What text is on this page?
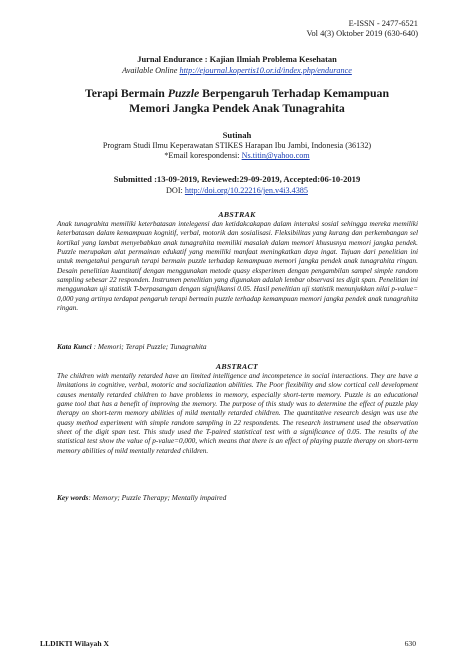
E-ISSN - 2477-6521
Vol 4(3) Oktober 2019 (630-640)
Jurnal Endurance : Kajian Ilmiah Problema Kesehatan
Available Online http://ejournal.kopertis10.or.id/index.php/endurance
Terapi Bermain Puzzle Berpengaruh Terhadap Kemampuan
Memori Jangka Pendek Anak Tunagrahita
Sutinah
Program Studi Ilmu Keperawatan STIKES Harapan Ibu Jambi, Indonesia (36132)
*Email korespondensi: Ns.titin@yahoo.com
Submitted :13-09-2019, Reviewed:29-09-2019, Accepted:06-10-2019
DOI: http://doi.org/10.22216/jen.v4i3.4385
ABSTRAK

Anak tunagrahita memiliki keterbatasan intelegensi dan ketidakcakapan dalam interaksi sosial sehingga mereka memiliki keterbatasan dalam kemampuan kognitif, verbal, motorik dan sosialisasi. Fleksibilitas yang kurang dan perkembangan sel kortikal yang lambat menyebabkan anak tunagrahita memiliki masalah dalam memori khususnya memori jangka pendek. Puzzle merupakan alat permainan edukatif yang memiliki manfaat meningkatkan daya ingat. Tujuan dari penelitian ini untuk mengetahui pengaruh terapi bermain puzzle terhadap kemampuan memori jangka pendek anak tunagrahita ringan. Desain penelitian kuantitatif dengan menggunakan metode quasy eksperimen dengan pengambilan sampel simple random sampling sebesar 22 responden. Instrumen penelitian yang digunakan adalah lembar observasi tes digit span. Penelitian ini menggunakan uji statistik T-berpasangan dengan signifikansi 0.05. Hasil penelitian uji statistik menunjukkan nilai p-value= 0,000 yang artinya terdapat pengaruh terapi bermain puzzle terhadap kemampuan memori jangka pendek anak tunagrahita ringan.

Kata Kunci : Memori; Terapi Puzzle; Tunagrahita
ABSTRACT

The children with mentally retarded have an limited intelligence and incompetence in social interactions. They are have a limitations in cognitive, verbal, motoric and socialization abilities. The Poor flexibility and slow cortical cell development causes mentally retarded children to have problems in memory, especially short-term memory. Puzzle is an educational game tool that has a benefit of improving the memory. The purpose of this study was to determine the effect of puzzle play therapy on short-term memory abilities of mild mentally retarded children. The quantitative research design was use the quasy method experiment with simple random sampling in 22 respondents. The research instrument used the observation sheet of the digit span test. This study used the T-paired statistical test with a significance of 0.05. The results of the statistical test show the value of p-value=0,000, which means that there is an effect of playing puzzle therapy on short-term memory abilities of mild mentally retarded children.

Key words: Memory; Puzzle Therapy; Mentally impaired
LLDIKTI Wilayah X	630
